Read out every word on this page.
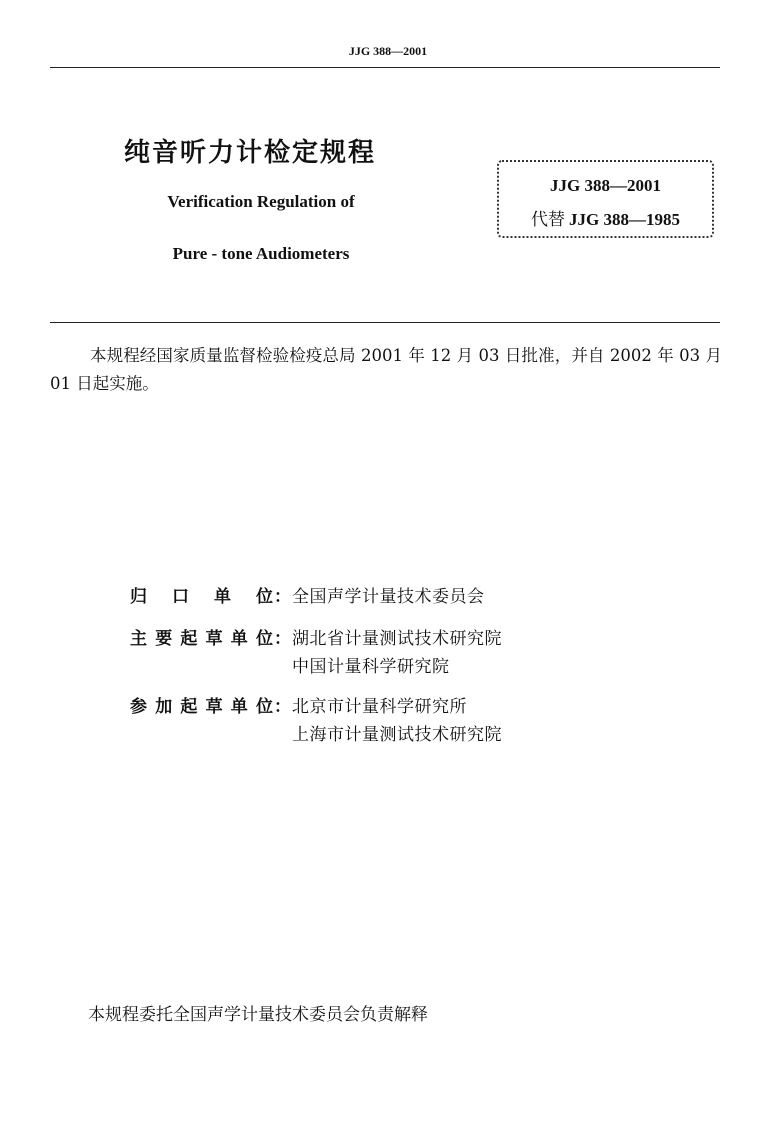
JJG 388—2001
纯音听力计检定规程
Verification Regulation of
Pure - tone Audiometers
JJG 388—2001
代替 JJG 388—1985
本规程经国家质量监督检验检疫总局 2001 年 12 月 03 日批准，并自 2002 年 03 月 01 日起实施。
归 口 单 位 ： 全国声学计量技术委员会
主 要 起 草 单 位 ： 湖北省计量测试技术研究院
中国计量科学研究院
参 加 起 草 单 位 ： 北京市计量科学研究所
上海市计量测试技术研究院
本规程委托全国声学计量技术委员会负责解释
